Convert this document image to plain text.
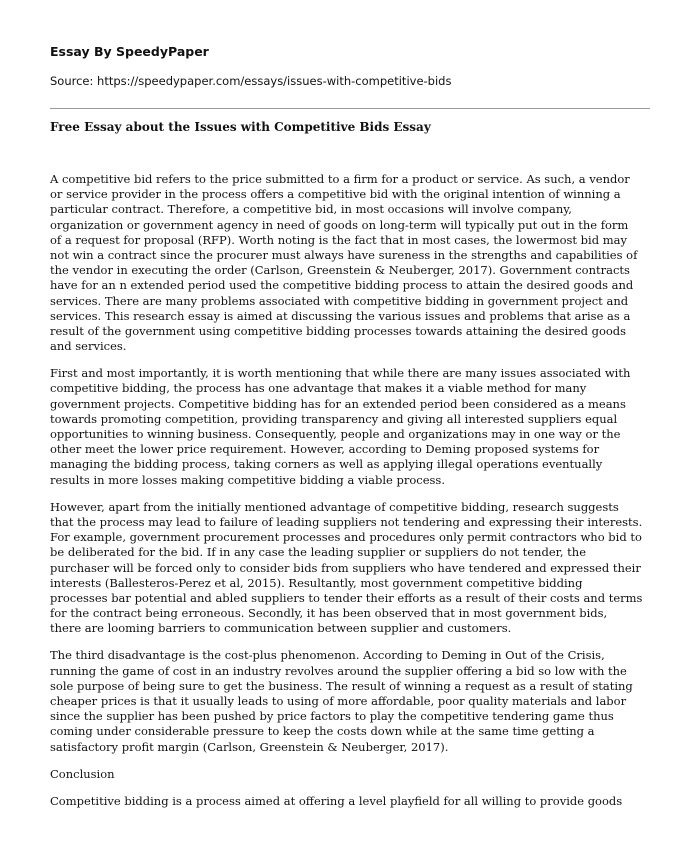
Essay By SpeedyPaper
Source: https://speedypaper.com/essays/issues-with-competitive-bids
Free Essay about the Issues with Competitive Bids Essay
A competitive bid refers to the price submitted to a firm for a product or service. As such, a vendor
or service provider in the process offers a competitive bid with the original intention of winning a
particular contract. Therefore, a competitive bid, in most occasions will involve company,
organization or government agency in need of goods on long-term will typically put out in the form
of a request for proposal (RFP). Worth noting is the fact that in most cases, the lowermost bid may
not win a contract since the procurer must always have sureness in the strengths and capabilities of
the vendor in executing the order (Carlson, Greenstein & Neuberger, 2017). Government contracts
have for an n extended period used the competitive bidding process to attain the desired goods and
services. There are many problems associated with competitive bidding in government project and
services. This research essay is aimed at discussing the various issues and problems that arise as a
result of the government using competitive bidding processes towards attaining the desired goods
and services.
First and most importantly, it is worth mentioning that while there are many issues associated with
competitive bidding, the process has one advantage that makes it a viable method for many
government projects. Competitive bidding has for an extended period been considered as a means
towards promoting competition, providing transparency and giving all interested suppliers equal
opportunities to winning business. Consequently, people and organizations may in one way or the
other meet the lower price requirement. However, according to Deming proposed systems for
managing the bidding process, taking corners as well as applying illegal operations eventually
results in more losses making competitive bidding a viable process.
However, apart from the initially mentioned advantage of competitive bidding, research suggests
that the process may lead to failure of leading suppliers not tendering and expressing their interests.
For example, government procurement processes and procedures only permit contractors who bid to
be deliberated for the bid. If in any case the leading supplier or suppliers do not tender, the
purchaser will be forced only to consider bids from suppliers who have tendered and expressed their
interests (Ballesteros-Perez et al, 2015). Resultantly, most government competitive bidding
processes bar potential and abled suppliers to tender their efforts as a result of their costs and terms
for the contract being erroneous. Secondly, it has been observed that in most government bids,
there are looming barriers to communication between supplier and customers.
The third disadvantage is the cost-plus phenomenon. According to Deming in Out of the Crisis,
running the game of cost in an industry revolves around the supplier offering a bid so low with the
sole purpose of being sure to get the business. The result of winning a request as a result of stating
cheaper prices is that it usually leads to using of more affordable, poor quality materials and labor
since the supplier has been pushed by price factors to play the competitive tendering game thus
coming under considerable pressure to keep the costs down while at the same time getting a
satisfactory profit margin (Carlson, Greenstein & Neuberger, 2017).
Conclusion
Competitive bidding is a process aimed at offering a level playfield for all willing to provide goods
